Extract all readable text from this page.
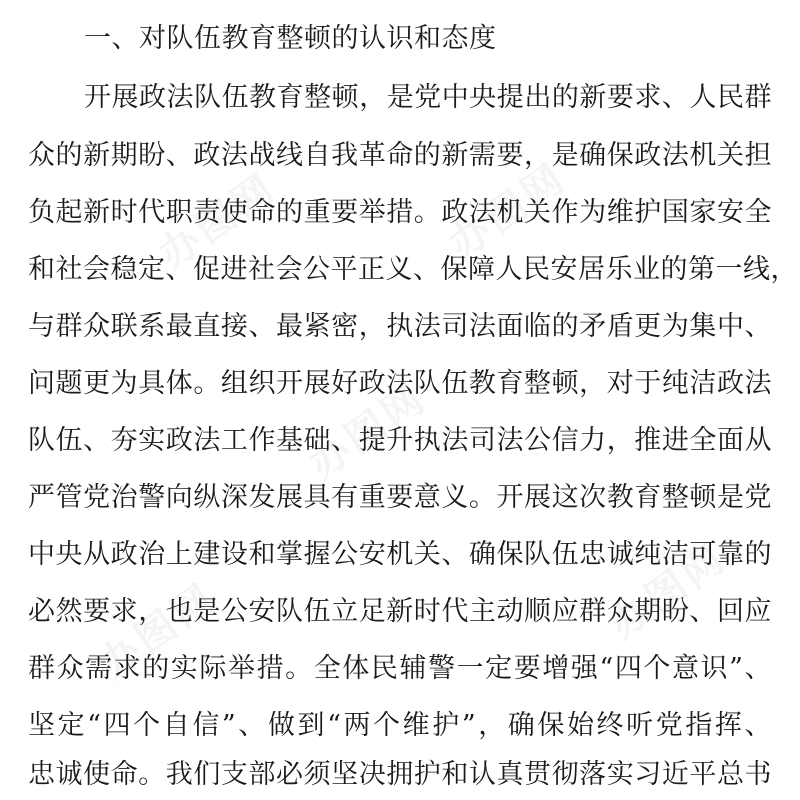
办图网	办图网
办图网
办图网
办图网
一、对队伍教育整顿的认识和态度
开展政法队伍教育整顿，是党中央提出的新要求、人民群
众的新期盼、政法战线自我革命的新需要，是确保政法机关担
负起新时代职责使命的重要举措。政法机关作为维护国家安全
和社会稳定、促进社会公平正义、保障人民安居乐业的第一线，
与群众联系最直接、最紧密，执法司法面临的矛盾更为集中、
问题更为具体。组织开展好政法队伍教育整顿，对于纯洁政法
队伍、夯实政法工作基础、提升执法司法公信力，推进全面从
严管党治警向纵深发展具有重要意义。开展这次教育整顿是党
中央从政治上建设和掌握公安机关、确保队伍忠诚纯洁可靠的
必然要求，也是公安队伍立足新时代主动顺应群众期盼、回应
群众需求的实际举措。全体民辅警一定要增强“四个意识”、
坚定“四个自信”、做到“两个维护”，确保始终听党指挥、
忠诚使命。我们支部必须坚决拥护和认真贯彻落实习近平总书
